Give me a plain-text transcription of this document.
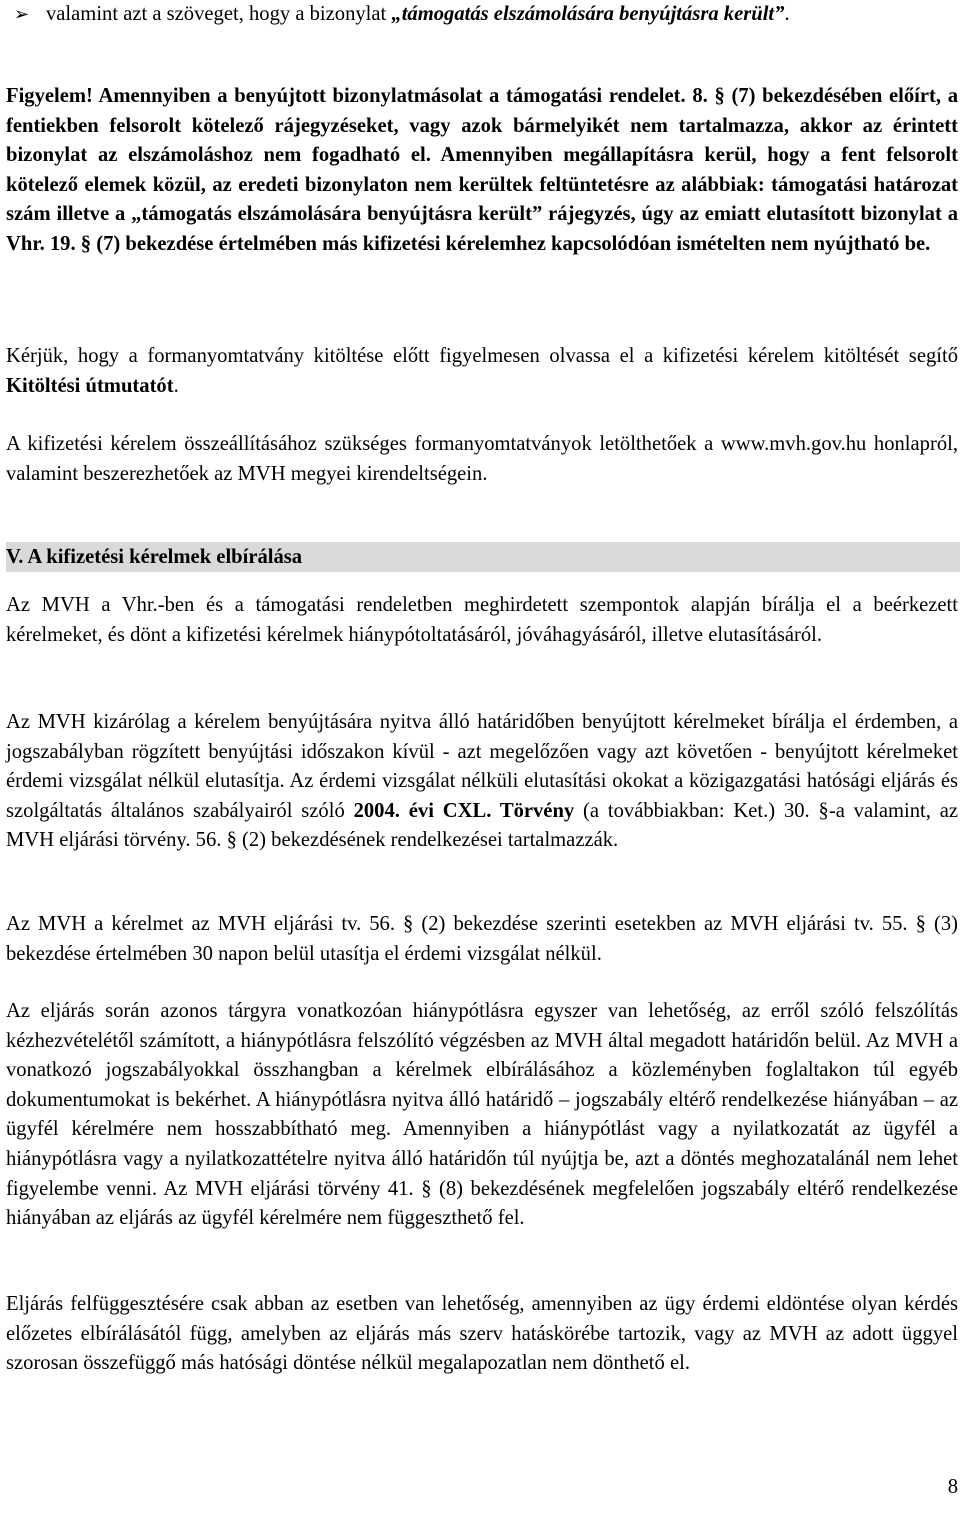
➢ valamint azt a szöveget, hogy a bizonylat „támogatás elszámolására benyújtásra került”.

Figyelem! Amennyiben a benyújtott bizonylatmásolat a támogatási rendelet. 8. § (7) bekezdésében előírt, a fentiekben felsorolt kötelező rájegyzéseket, vagy azok bármelyikét nem tartalmazza, akkor az érintett bizonylat az elszámoláshoz nem fogadható el. Amennyiben megállapításra kerül, hogy a fent felsorolt kötelező elemek közül, az eredeti bizonylaton nem kerültek feltüntetésre az alábbiak: támogatási határozat szám illetve a „támogatás elszámolására benyújtásra került” rájegyzés, úgy az emiatt elutasított bizonylat a Vhr. 19. § (7) bekezdése értelmében más kifizetési kérelemhez kapcsolódóan ismételten nem nyújtható be.

Kérjük, hogy a formanyomtatvány kitöltése előtt figyelmesen olvassa el a kifizetési kérelem kitöltését segítő Kitöltési útmutatót.

A kifizetési kérelem összeállításához szükséges formanyomtatványok letölthetőek a www.mvh.gov.hu honlapról, valamint beszerezhetőek az MVH megyei kirendeltségein.

V. A kifizetési kérelmek elbírálása

Az MVH a Vhr.-ben és a támogatási rendeletben meghirdetett szempontok alapján bírálja el a beérkezett kérelmeket, és dönt a kifizetési kérelmek hiánypótoltatásáról, jóváhagyásáról, illetve elutasításáról.

Az MVH kizárólag a kérelem benyújtására nyitva álló határidőben benyújtott kérelmeket bírálja el érdemben, a jogszabályban rögzített benyújtási időszakon kívül - azt megelőzően vagy azt követően - benyújtott kérelmeket érdemi vizsgálat nélkül elutasítja. Az érdemi vizsgálat nélküli elutasítási okokat a közigazgatási hatósági eljárás és szolgáltatás általános szabályairól szóló 2004. évi CXL. Törvény (a továbbiakban: Ket.) 30. §-a valamint, az MVH eljárási törvény. 56. § (2) bekezdésének rendelkezései tartalmazzák.

Az MVH a kérelmet az MVH eljárási tv. 56. § (2) bekezdése szerinti esetekben az MVH eljárási tv. 55. § (3) bekezdése értelmében 30 napon belül utasítja el érdemi vizsgálat nélkül.

Az eljárás során azonos tárgyra vonatkozóan hiánypótlásra egyszer van lehetőség, az erről szóló felszólítás kézhezvételétől számított, a hiánypótlásra felszólító végzésben az MVH által megadott határidőn belül. Az MVH a vonatkozó jogszabályokkal összhangban a kérelmek elbírálásához a közleményben foglaltakon túl egyéb dokumentumokat is bekérhet. A hiánypótlásra nyitva álló határidő – jogszabály eltérő rendelkezése hiányában – az ügyfél kérelmére nem hosszabbítható meg. Amennyiben a hiánypótlást vagy a nyilatkozatát az ügyfél a hiánypótlásra vagy a nyilatkozattételre nyitva álló határidőn túl nyújtja be, azt a döntés meghozatalánál nem lehet figyelembe venni. Az MVH eljárási törvény 41. § (8) bekezdésének megfelelően jogszabály eltérő rendelkezése hiányában az eljárás az ügyfél kérelmére nem függeszthető fel.

Eljárás felfüggesztésére csak abban az esetben van lehetőség, amennyiben az ügy érdemi eldöntése olyan kérdés előzetes elbírálásától függ, amelyben az eljárás más szerv hatáskörébe tartozik, vagy az MVH az adott üggyel szorosan összefüggő más hatósági döntése nélkül megalapozatlan nem dönthető el.

8
